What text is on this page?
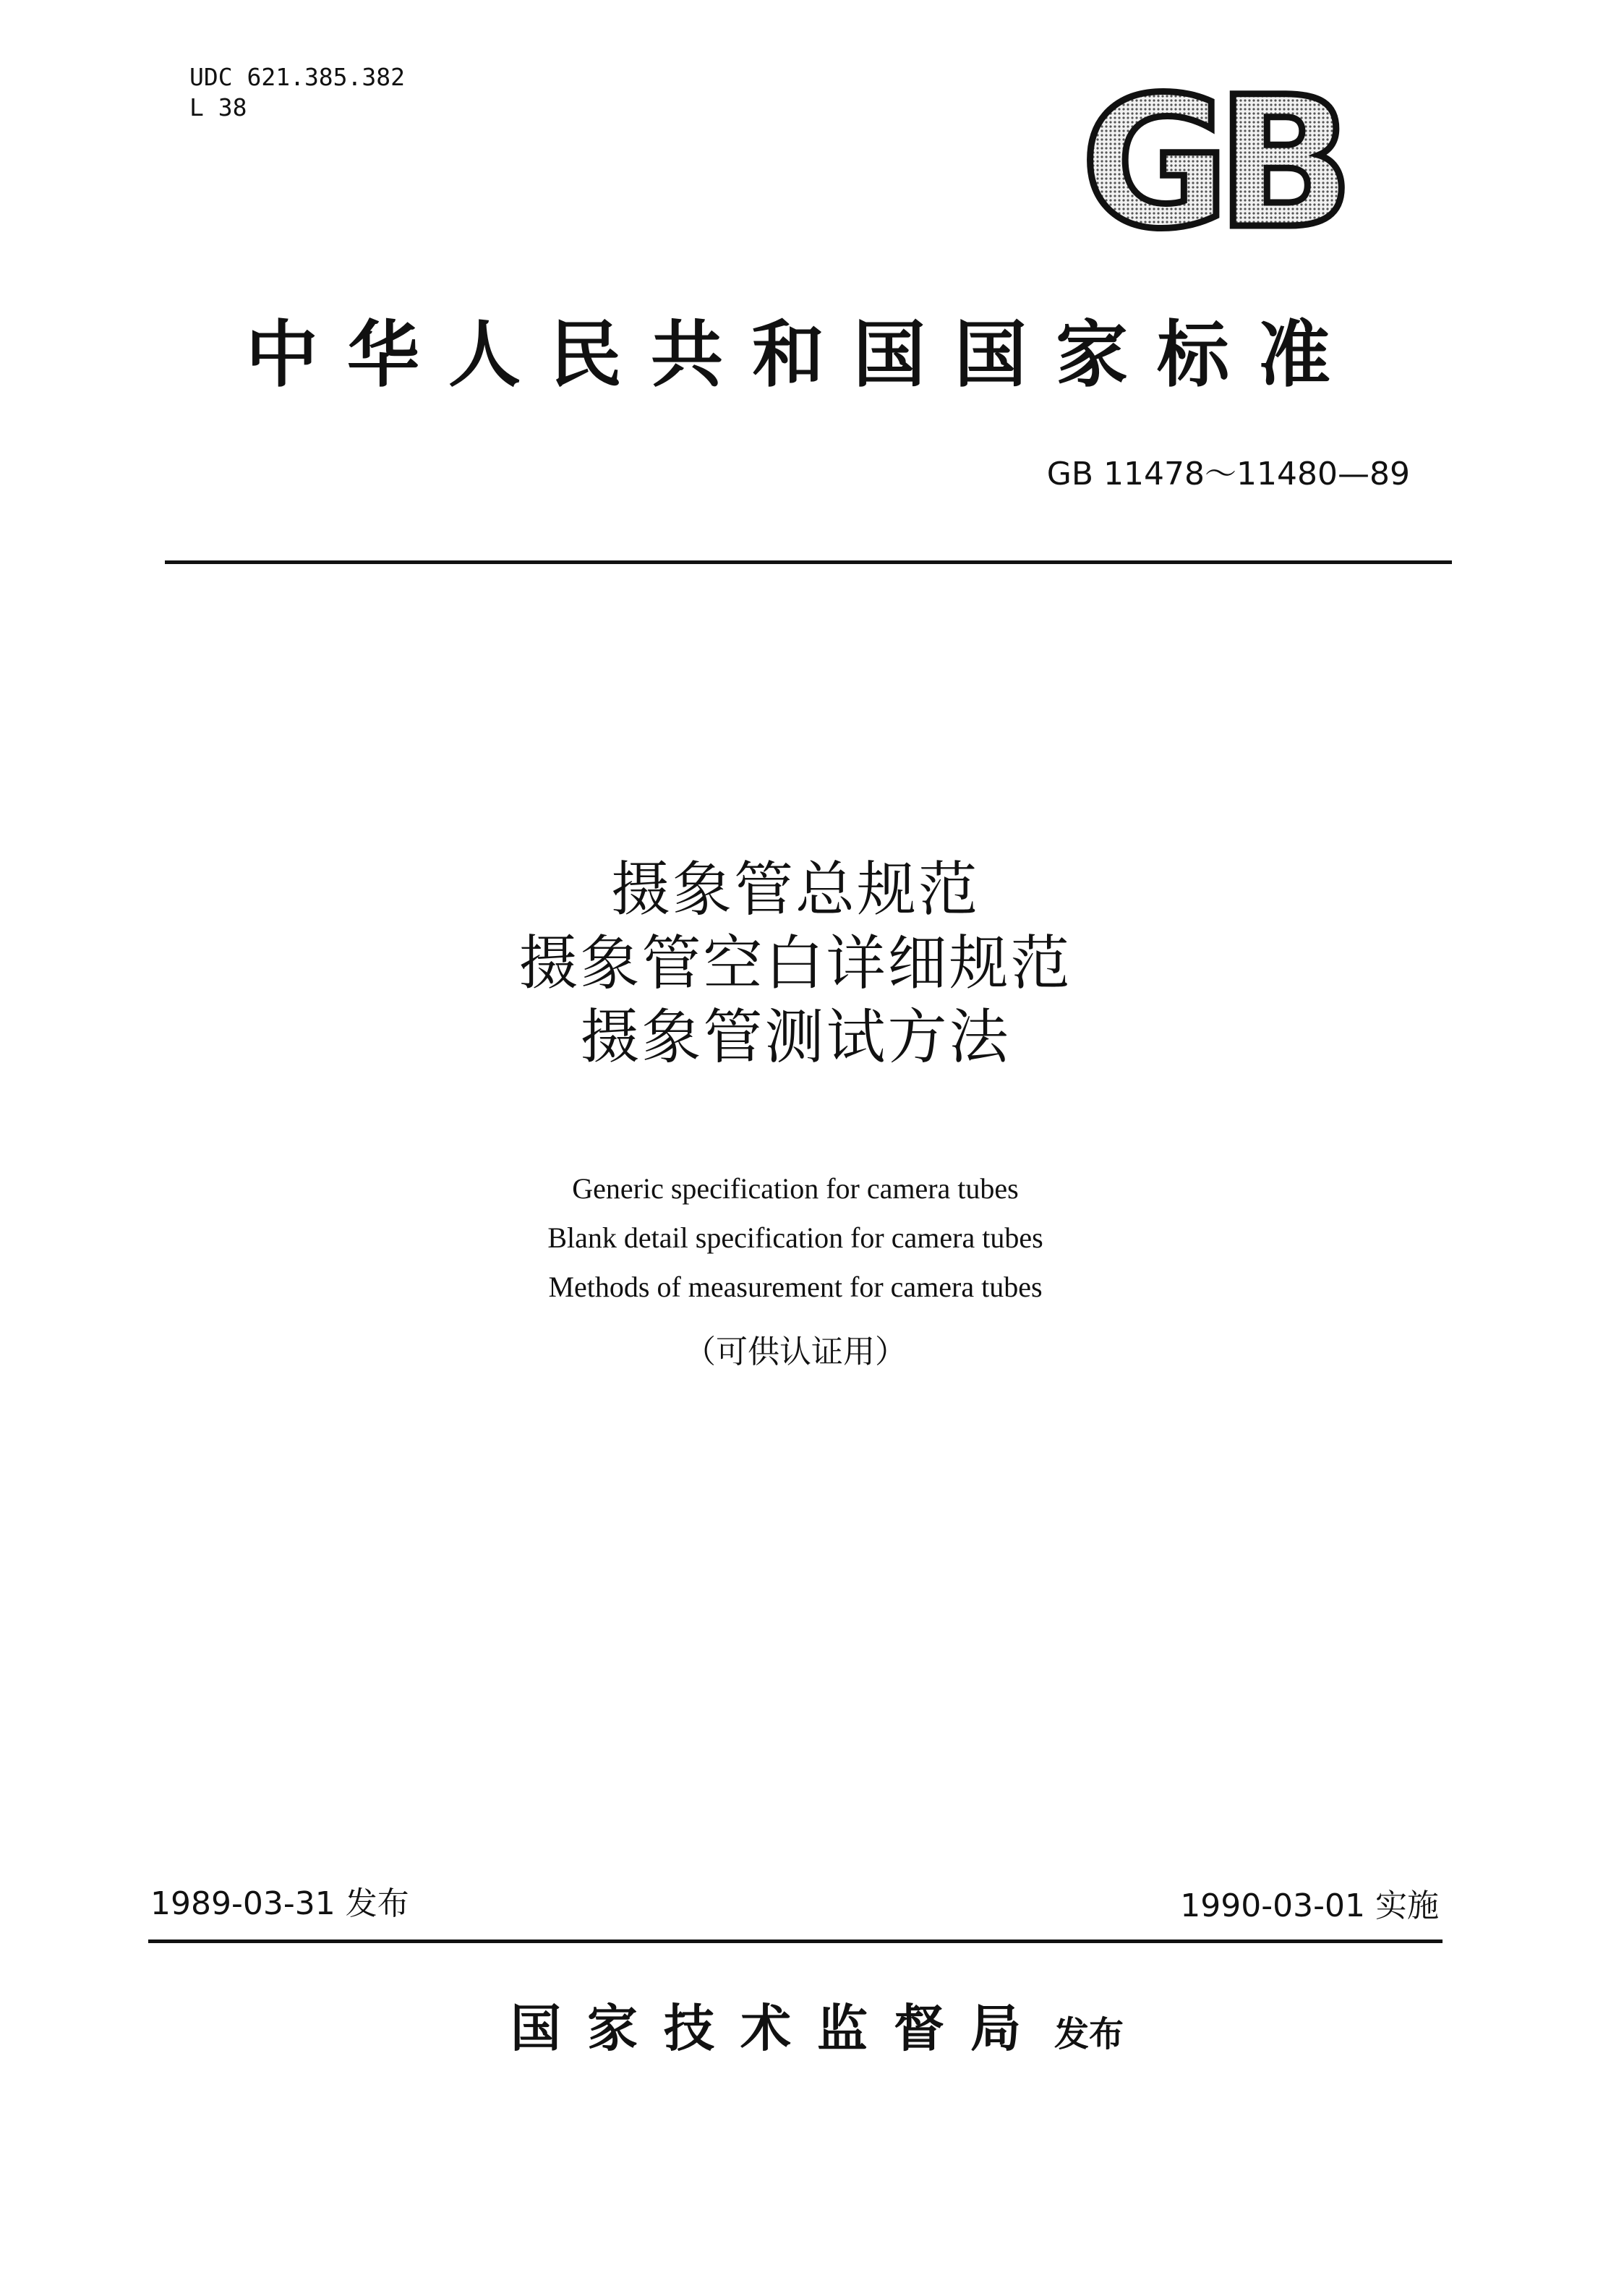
UDC 621.385.382
L 38	GB
中华人民共和国国家标准
GB 11478～11480—89
摄象管总规范
摄象管空白详细规范
摄象管测试方法
Generic specification for camera tubes
Blank detail specification for camera tubes
Methods of measurement for camera tubes
（可供认证用）
1989-03-31 发布	1990-03-01 实施
国家技术监督局 发布
